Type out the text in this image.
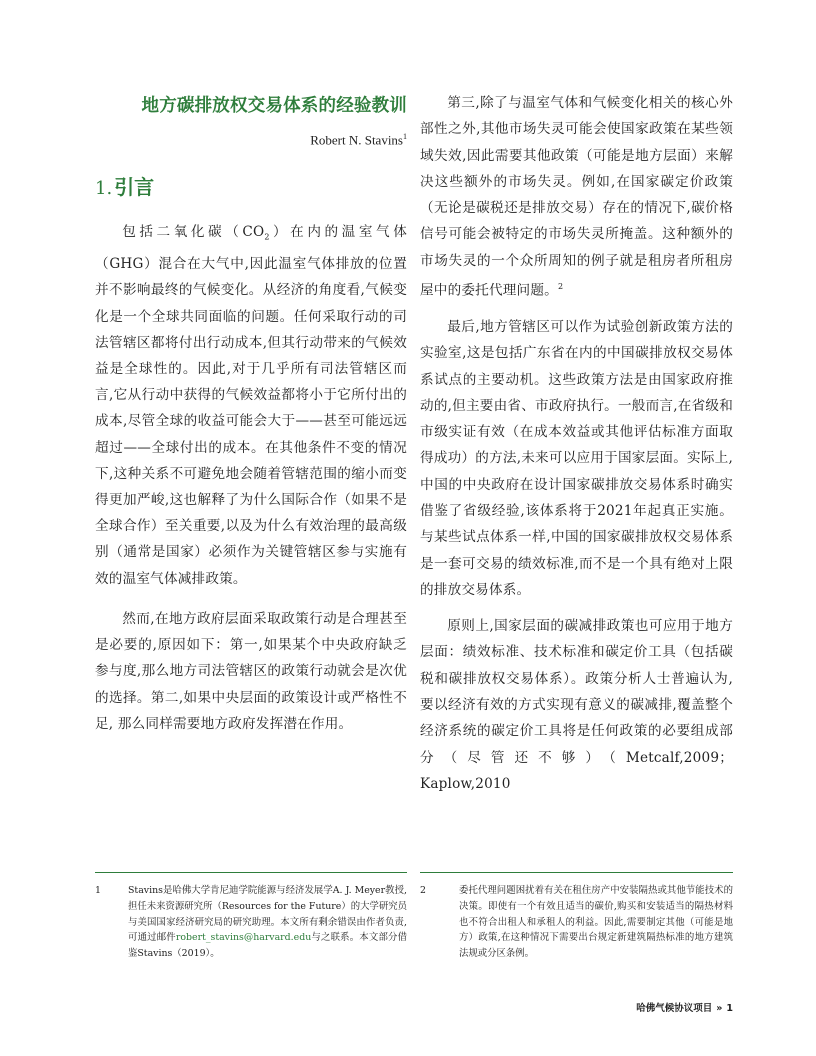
地方碳排放权交易体系的经验教训
Robert N. Stavins$^1$
1. 引言

包括二氧化碳$(CO_2)$在内的温室气体（GHG）混合在大气中,因此温室气体排放的位置并不影响最终的气候变化。从经济的角度看,气候变化是一个全球共同面临的问题。任何采取行动的司法管辖区都将付出行动成本,但其行动带来的气候效益是全球性的。因此,对于几乎所有司法管辖区而言,它从行动中获得的气候效益都将小于它所付出的成本,尽管全球的收益可能会大于——甚至可能远远超过——全球付出的成本。在其他条件不变的情况下,这种关系不可避免地会随着管辖范围的缩小而变得更加严峻,这也解释了为什么国际合作（如果不是全球合作）至关重要,以及为什么有效治理的最高级别（通常是国家）必须作为关键管辖区参与实施有效的温室气体减排政策。

然而,在地方政府层面采取政策行动是合理甚至是必要的,原因如下：第一,如果某个中央政府缺乏参与度,那么地方司法管辖区的政策行动就会是次优的选择。第二,如果中央层面的政策设计或严格性不足, 那么同样需要地方政府发挥潜在作用。

第三,除了与温室气体和气候变化相关的核心外部性之外,其他市场失灵可能会使国家政策在某些领域失效,因此需要其他政策（可能是地方层面）来解决这些额外的市场失灵。例如,在国家碳定价政策（无论是碳税还是排放交易）存在的情况下,碳价格信号可能会被特定的市场失灵所掩盖。这种额外的市场失灵的一个众所周知的例子就是租房者所租房屋中的委托代理问题。$^2$

最后,地方管辖区可以作为试验创新政策方法的实验室,这是包括广东省在内的中国碳排放权交易体系试点的主要动机。这些政策方法是由国家政府推动的,但主要由省、市政府执行。一般而言,在省级和市级实证有效（在成本效益或其他评估标准方面取得成功）的方法,未来可以应用于国家层面。实际上,中国的中央政府在设计国家碳排放交易体系时确实借鉴了省级经验,该体系将于2021年起真正实施。与某些试点体系一样,中国的国家碳排放权交易体系是一套可交易的绩效标准,而不是一个具有绝对上限的排放交易体系。

原则上,国家层面的碳减排政策也可应用于地方层面：绩效标准、技术标准和碳定价工具（包括碳税和碳排放权交易体系）。政策分析人士普遍认为,要以经济有效的方式实现有意义的碳减排,覆盖整个经济系统的碳定价工具将是任何政策的必要组成部分（尽管还不够）（Metcalf,2009；Kaplow,2010

1	Stavins是哈佛大学肯尼迪学院能源与经济发展学A. J. Meyer教授,担任未来资源研究所（Resources for the Future）的大学研究员与美国国家经济研究局的研究助理。本文所有剩余错误由作者负责,可通过邮件robert_stavins@harvard.edu与之联系。本文部分借鉴Stavins（2019）。

2	委托代理问题困扰着有关在租住房产中安装隔热或其他节能技术的决策。即使有一个有效且适当的碳价,购买和安装适当的隔热材料也不符合出租人和承租人的利益。因此,需要制定其他（可能是地方）政策,在这种情况下需要出台规定新建筑隔热标准的地方建筑法规或分区条例。

哈佛气候协议项目 » 1
